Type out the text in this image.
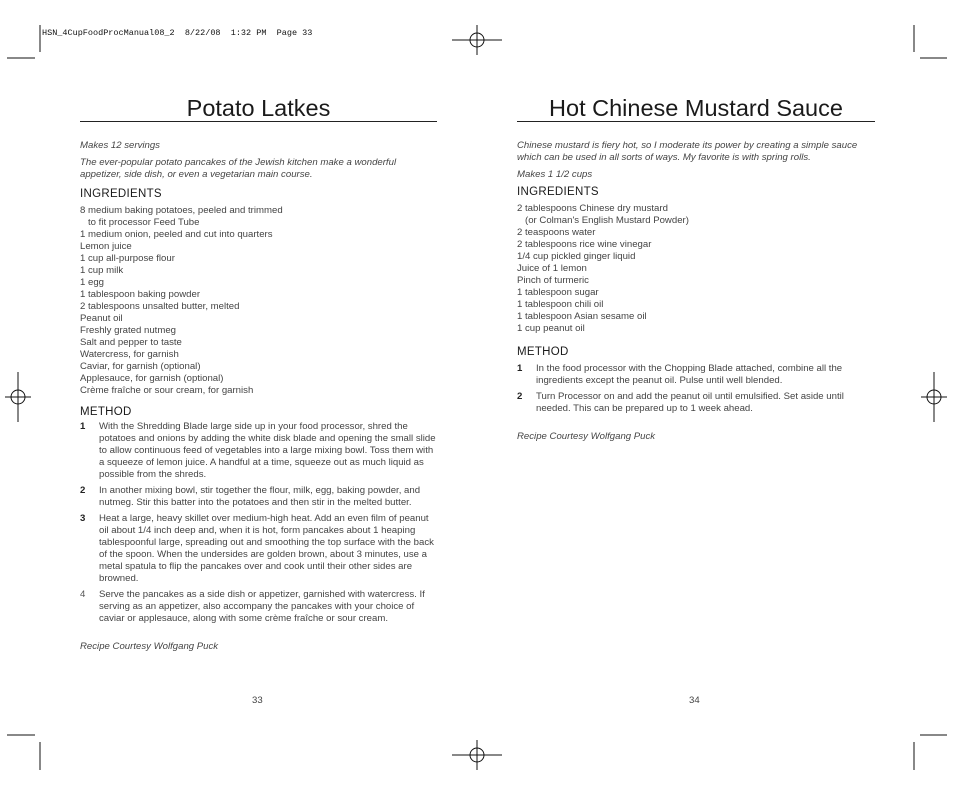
HSN_4CupFoodProcManual08_2  8/22/08  1:32 PM  Page 33
Potato Latkes
Makes 12 servings
The ever-popular potato pancakes of the Jewish kitchen make a wonderful appetizer, side dish, or even a vegetarian main course.
INGREDIENTS
8 medium baking potatoes, peeled and trimmed
to fit processor Feed Tube
1 medium onion, peeled and cut into quarters
Lemon juice
1 cup all-purpose flour
1 cup milk
1 egg
1 tablespoon baking powder
2 tablespoons unsalted butter, melted
Peanut oil
Freshly grated nutmeg
Salt and pepper to taste
Watercress, for garnish
Caviar, for garnish (optional)
Applesauce, for garnish (optional)
Crème fraîche or sour cream, for garnish
METHOD
1	With the Shredding Blade large side up in your food processor, shred the potatoes and onions by adding the white disk blade and opening the small slide to allow continuous feed of vegetables into a large mixing bowl. Toss them with a squeeze of lemon juice. A handful at a time, squeeze out as much liquid as possible from the shreds.
2	In another mixing bowl, stir together the flour, milk, egg, baking powder, and nutmeg. Stir this batter into the potatoes and then stir in the melted butter.
3	Heat a large, heavy skillet over medium-high heat. Add an even film of peanut oil about 1/4 inch deep and, when it is hot, form pancakes about 1 heaping tablespoonful large, spreading out and smoothing the top surface with the back of the spoon. When the undersides are golden brown, about 3 minutes, use a metal spatula to flip the pancakes over and cook until their other sides are browned.
4	Serve the pancakes as a side dish or appetizer, garnished with watercress. If serving as an appetizer, also accompany the pancakes with your choice of caviar or applesauce, along with some crème fraîche or sour cream.
Recipe Courtesy Wolfgang Puck
33
Hot Chinese Mustard Sauce
Chinese mustard is fiery hot, so I moderate its power by creating a simple sauce which can be used in all sorts of ways. My favorite is with spring rolls.
Makes 1 1/2 cups
INGREDIENTS
2 tablespoons Chinese dry mustard
(or Colman's English Mustard Powder)
2 teaspoons water
2 tablespoons rice wine vinegar
1/4 cup pickled ginger liquid
Juice of 1 lemon
Pinch of turmeric
1 tablespoon sugar
1 tablespoon chili oil
1 tablespoon Asian sesame oil
1 cup peanut oil
METHOD
1	In the food processor with the Chopping Blade attached, combine all the ingredients except the peanut oil. Pulse until well blended.
2	Turn Processor on and add the peanut oil until emulsified. Set aside until needed. This can be prepared up to 1 week ahead.
Recipe Courtesy Wolfgang Puck
34
